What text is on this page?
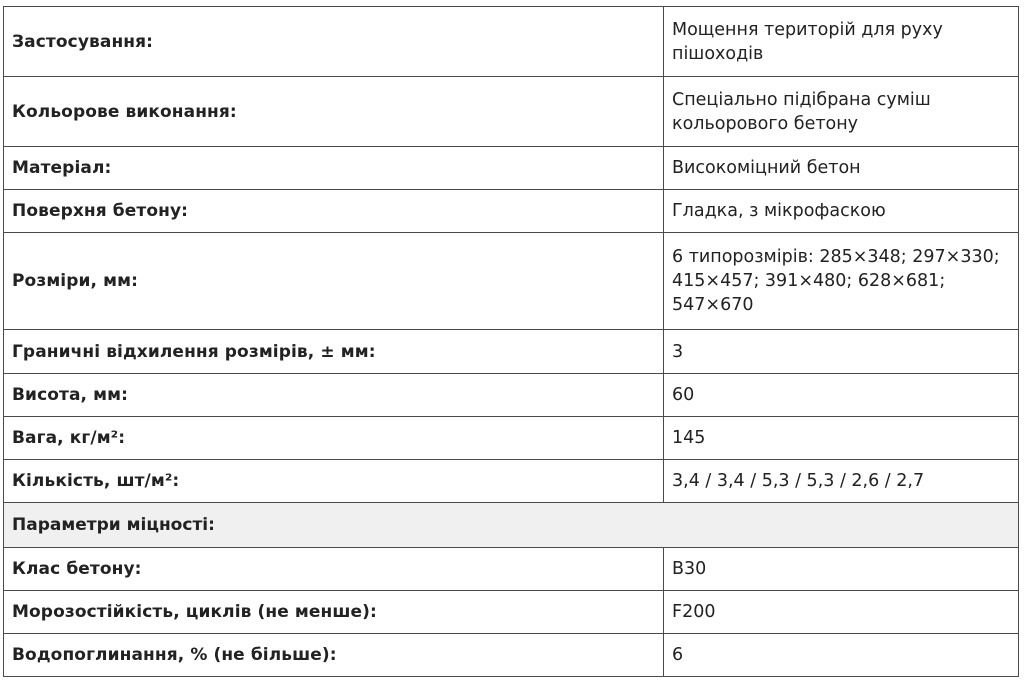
Застосування:	Мощення територій для руху пішоходів
Кольорове виконання:	Спеціально підібрана суміш кольорового бетону
Матеріал:	Високоміцний бетон
Поверхня бетону:	Гладка, з мікрофаскою
Розміри, мм:	6 типорозмірів: 285×348; 297×330; 415×457; 391×480; 628×681; 547×670
Граничні відхилення розмірів, ± мм:	3
Висота, мм:	60
Вага, кг/м²:	145
Кількість, шт/м²:	3,4 / 3,4 / 5,3 / 5,3 / 2,6 / 2,7
Параметри міцності:	
Клас бетону:	B30
Морозостійкість, циклів (не менше):	F200
Водопоглинання, % (не більше):	6
